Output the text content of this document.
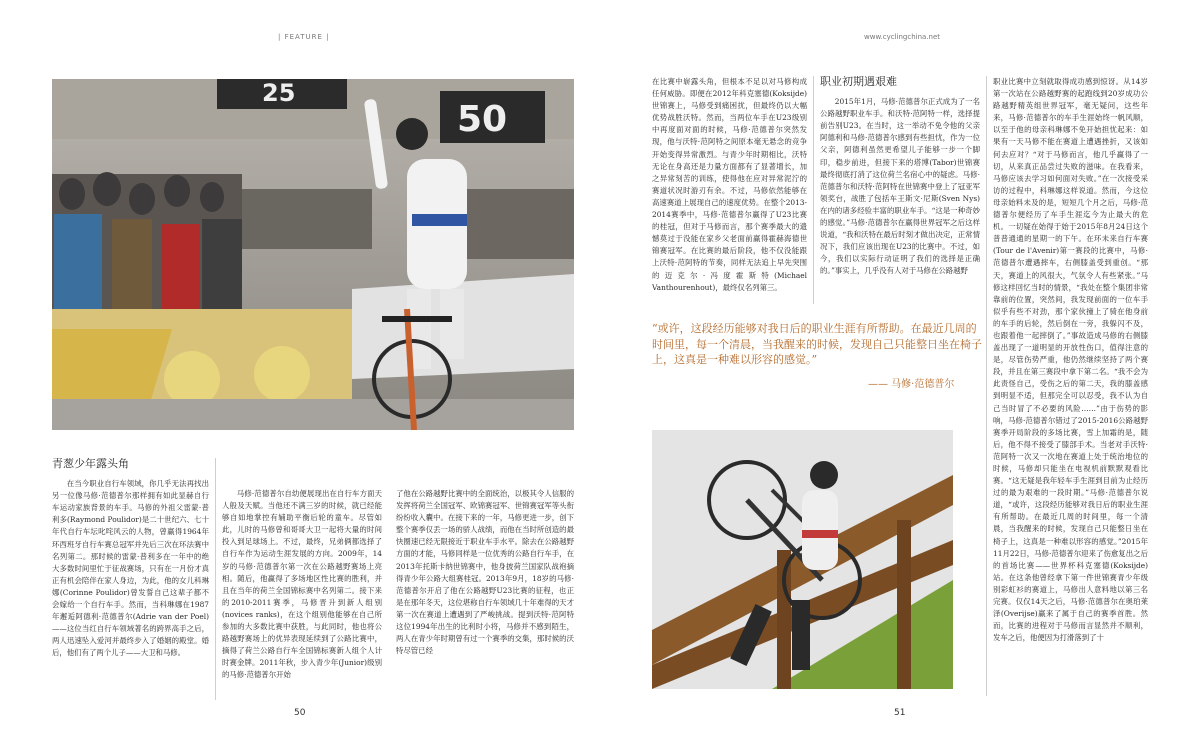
| FEATURE |	www.cyclingchina.net
25
50
青葱少年露头角

在当今职业自行车领域，你几乎无法再找出另一位像马修·范德普尔那样拥有如此显赫自行车运动家族背景的车手。马修的外祖父雷蒙·普利多(Raymond Poulidor)是二十世纪六、七十年代自行车坛叱咤风云的人物，曾赢得1964年环西班牙自行车赛总冠军并先后三次在环法赛中名列第二。那时候的雷蒙·普利多在一年中的绝大多数时间里忙于征战赛场，只有在一月份才真正有机会陪伴在家人身边，为此，他的女儿科琳娜(Corinne Poulidor)曾发誓自己这辈子都不会嫁给一个自行车手。然而，当科琳娜在1987年邂逅阿德利·范德普尔(Adrie van der Poel)——这位当红自行车领域著名的跨界高手之后，两人迅速坠入爱河并最终步入了婚姻的殿堂。婚后，他们有了两个儿子——大卫和马修。

马修·范德普尔自幼便展现出在自行车方面天人般及天赋。当他还不满三岁的时候，就已经能够自如地掌控有辅助平衡后轮的童车。尽管如此，儿时的马修曾和哥哥大卫一起将大量的时间投入到足球场上。不过，最终，兄弟俩都选择了自行车作为运动生涯发展的方向。2009年，14岁的马修·范德普尔第一次在公路越野赛场上亮相。随后，他赢得了多场地区性比赛的胜利，并且在当年的荷兰全国锦标赛中名列第二。接下来的2010-2011赛季，马修晋升到新人组别(novices ranks)，在这个组别他能够在自己所参加的大多数比赛中获胜，与此同时，他也将公路越野赛场上的优异表现延续到了公路比赛中，摘得了荷兰公路自行车全国锦标赛新人组个人计时赛金牌。2011年秋，步入青少年(Junior)级别的马修·范德普尔开始

了他在公路越野比赛中的全面统治，以极其令人信服的发挥将荷兰全国冠军、欧锦赛冠军、世锦赛冠军等头衔纷纷收入囊中。在接下来的一年，马修更进一步，创下整个赛季仅丢一场的骄人战绩，而他在当时所创造的最快圈速已经无限接近于职业车手水平。除去在公路越野方面的才能，马修同样是一位优秀的公路自行车手，在2013年托斯卡纳世锦赛中，他身披荷兰国家队战袍摘得青少年公路大组赛桂冠。2013年9月，18岁的马修·范德普尔开启了他在公路越野U23比赛的征程，也正是在那年冬天，这位堪称自行车领域几十年难得的天才第一次在赛道上遭遇到了严峻挑战。提到沃特·范阿特这位1994年出生的比利时小将，马修并不感到陌生，两人在青少年时期曾有过一个赛季的交集，那时候的沃特尽管已经

在比赛中崭露头角，但根本不足以对马修构成任何威胁。即便在2012年科克塞德(Koksijde)世锦赛上，马修受到痛困扰，但最终仍以大幅优势战胜沃特。然而，当两位车手在U23级别中再度面对面的时候，马修·范德普尔突然发现，他与沃特·范阿特之间原本毫无悬念的竞争开始变得异常激烈。与青少年时期相比，沃特无论在身高还是力量方面都有了显著增长，加之异常刻苦的训练，使得他在应对异常泥泞的赛道状况时游刃有余。不过，马修依然能够在高速赛道上展现自己的速度优势。在整个2013-2014赛季中，马修·范德普尔赢得了U23比赛的桂冠，但对于马修而言，那个赛季最大的遗憾莫过于没能在家乡父老面前赢得霍赫海德世锦赛冠军。在比赛的最后阶段，他不仅没能跟上沃特·范阿特的节奏，同样无法追上早先突围的迈克尔·冯度霍斯特(Michael Vanthourenhout)，最终仅名列第三。

职业初期遇艰难

2015年1月，马修·范德普尔正式成为了一名公路越野职业车手。和沃特·范阿特一样，选择提前告别U23。在当时，这一举动不免令他的父亲阿德利和马修·范德普尔感到有些担忧，作为一位父亲，阿德利虽然更希望儿子能够一步一个脚印，稳步前进，但接下来的塔博(Tabor)世锦赛最终彻底打消了这位荷兰名宿心中的疑虑。马修·范德普尔和沃特·范阿特在世锦赛中登上了冠亚军领奖台，战胜了包括车王斯文·尼斯(Sven Nys)在内的诸多经验丰富的职业车手。“这是一种奇妙的感觉。”马修·范德普尔在赢得世界冠军之后这样说道，“我和沃特在最后时刻才做出决定，正常情况下，我们应该出现在U23的比赛中。不过，如今，我们以实际行动证明了我们的选择是正确的。”事实上，几乎没有人对于马修在公路越野

职业比赛中立刻就取得成功感到惊讶。从14岁第一次站在公路越野赛的起跑线到20岁成功公路越野精英组世界冠军，毫无疑问，这些年来，马修·范德普尔的车手生涯始终一帆风顺，以至于他的母亲科琳娜不免开始担忧起来：如果有一天马修不能在赛道上遭遇挫折，又该如何去应对？“对于马修而言，他几乎赢得了一切，从来真正品尝过失败的滋味。在我看来，马修应该去学习如何面对失败。”在一次接受采访的过程中，科琳娜这样说道。然而，今这位母亲始料未及的是，短短几个月之后，马修·范德普尔便经历了车手生涯迄今为止最大的危机。一切疑在始得于始于2015年8月24日这个普普通通的星期一的下午。在环未来自行车赛(Tour de l'Avenir)第一赛段的比赛中，马修·范德普尔遭遇摔车，右侧膝盖受到重创。“那天，赛道上的风很大，气氛令人有些紧张。”马修这样回忆当时的情景，“我处在整个集团非常靠前的位置，突然间，我发现前面的一位车手似乎有些不对劲，那个家伙撞上了骑在他身前的车手的后轮，然后倒在一旁，我躲闪不及，也跟着他一起摔倒了。”事故造成马修的右侧膝盖出现了一道明显的开放性伤口，值得注意的是，尽管伤势严重，他仍然继续坚持了两个赛段，并且在第三赛段中拿下第二名。“我不会为此责怪自己，受伤之后的第二天，我的膝盖感到明显不适，但那完全可以忍受，我不认为自己当时冒了不必要的风险……”由于伤势的影响，马修·范德普尔错过了2015-2016公路越野赛季开局阶段的多场比赛，雪上加霜的是，随后，他不得不接受了膝部手术。当老对手沃特·范阿特一次又一次地在赛道上处于统治地位的时候，马修却只能坐在电视机前默默观看比赛。“这无疑是我年轻车手生涯到目前为止经历过的最为艰难的一段时期。”马修·范德普尔说道，“或许，这段经历能够对我日后的职业生涯有所帮助。在最近几周的时间里，每一个清晨，当我醒来的时候，发现自己只能整日坐在椅子上，这真是一种难以形容的感觉。”2015年11月22日，马修·范德普尔迎来了伤愈复出之后的首场比赛——世界杯科克塞德(Koksijde)站。在这条他曾经拿下第一件世锦赛青少年级别彩虹衫的赛道上，马修出人意料地以第三名完赛。仅仅14天之后，马修·范德普尔在奥珀莱泽(Overijse)赢来了属于自己的赛季首胜。然而，比赛的进程对于马修而言显然并不顺利，发车之后，他便因为打滑落到了十

“或许，这段经历能够对我日后的职业生涯有所帮助。在最近几周的时间里，每一个清晨，当我醒来的时候，发现自己只能整日坐在椅子上，这真是一种难以形容的感觉。”
—— 马修·范德普尔
50	51
